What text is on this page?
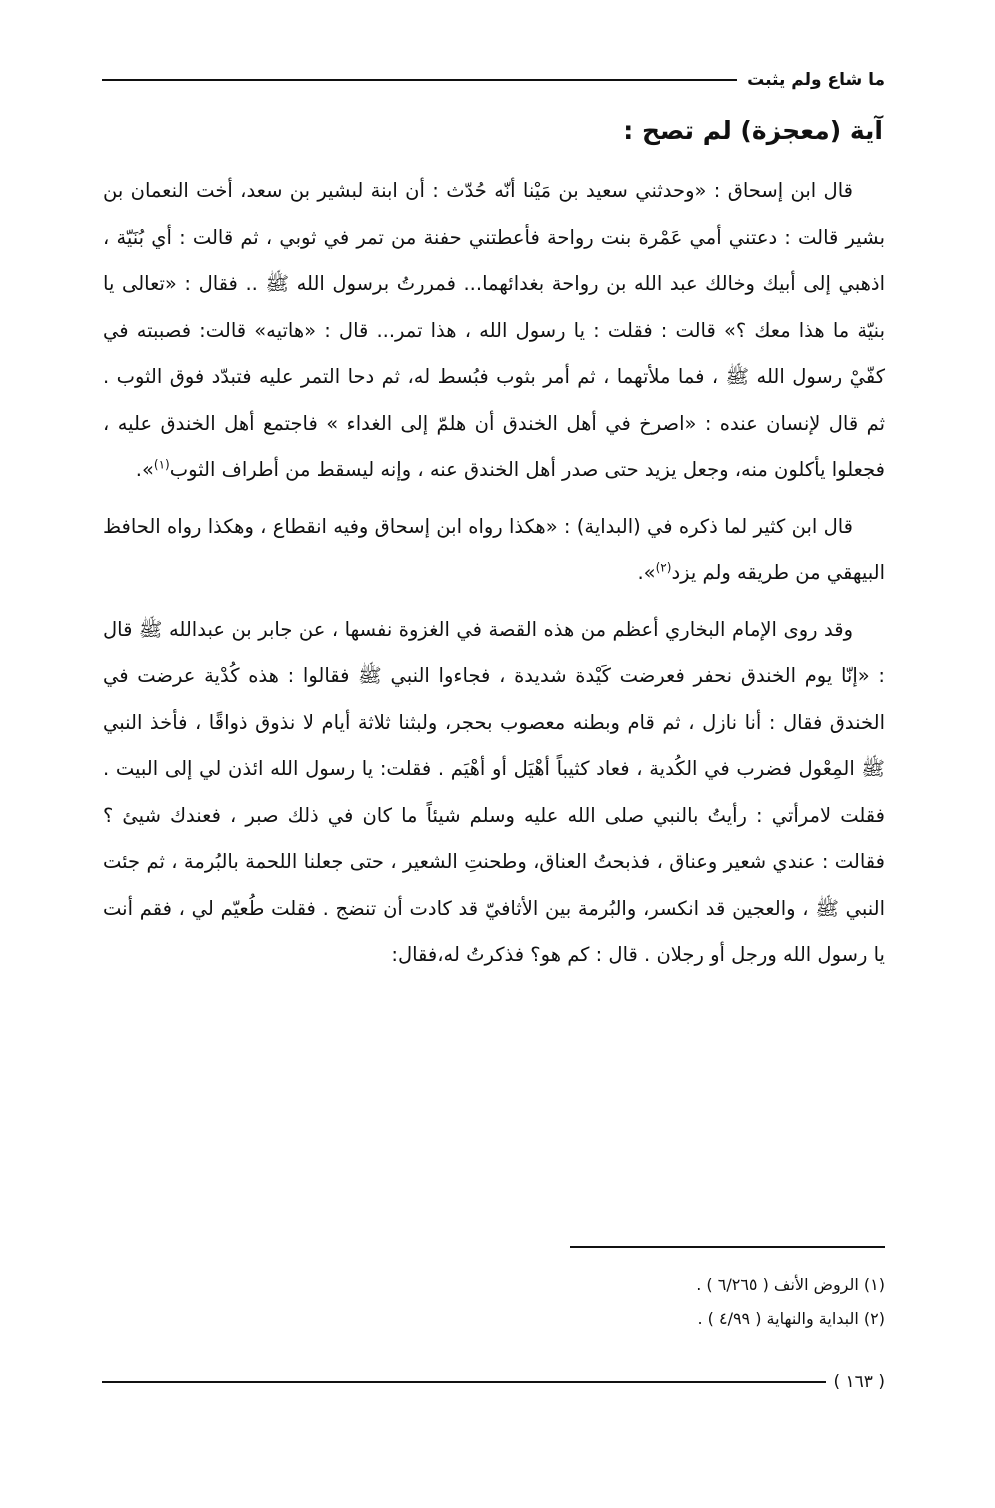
ما شاع ولم يثبت
آية (معجزة) لم تصح :

قال ابن إسحاق : «وحدثني سعيد بن مَيْنا أنّه حُدّث : أن ابنة لبشير بن سعد، أخت النعمان بن بشير قالت : دعتني أمي عَمْرة بنت رواحة فأعطتني حفنة من تمر في ثوبي ، ثم قالت : أي بُنَيّة ، اذهبي إلى أبيك وخالك عبد الله بن رواحة بغدائهما... فمررتُ برسول الله ﷺ .. فقال : «تعالى يا بنيّة ما هذا معك ؟» قالت : فقلت : يا رسول الله ، هذا تمر... قال : «هاتيه» قالت: فصببته في كفّيْ رسول الله ﷺ ، فما ملأتهما ، ثم أمر بثوب فبُسط له، ثم دحا التمر عليه فتبدّد فوق الثوب . ثم قال لإنسان عنده : «اصرخ في أهل الخندق أن هلمّ إلى الغداء » فاجتمع أهل الخندق عليه ، فجعلوا يأكلون منه، وجعل يزيد حتى صدر أهل الخندق عنه ، وإنه ليسقط من أطراف الثوب$^{(١)}$».

قال ابن كثير لما ذكره في (البداية) : «هكذا رواه ابن إسحاق وفيه انقطاع ، وهكذا رواه الحافظ البيهقي من طريقه ولم يزد$^{(٢)}$».

وقد روى الإمام البخاري أعظم من هذه القصة في الغزوة نفسها ، عن جابر بن عبدالله ﷺ قال : «إنّا يوم الخندق نحفر فعرضت كَيْدة شديدة ، فجاءوا النبي ﷺ فقالوا : هذه كُدْية عرضت في الخندق فقال : أنا نازل ، ثم قام وبطنه معصوب بحجر، ولبثنا ثلاثة أيام لا نذوق ذواقًا ، فأخذ النبي ﷺ المِعْول فضرب في الكُدية ، فعاد كثيباً أهْيَل أو أهْيَم . فقلت: يا رسول الله ائذن لي إلى البيت . فقلت لامرأتي : رأيتُ بالنبي صلى الله عليه وسلم شيئاً ما كان في ذلك صبر ، فعندك شيئ ؟ فقالت : عندي شعير وعناق ، فذبحتُ العناق، وطحنتِ الشعير ، حتى جعلنا اللحمة بالبُرمة ، ثم جئت النبي ﷺ ، والعجين قد انكسر، والبُرمة بين الأثافيّ قد كادت أن تنضج . فقلت طُعيّم لي ، فقم أنت يا رسول الله ورجل أو رجلان . قال : كم هو؟ فذكرتُ له،فقال:

(١) الروض الأنف ( ٦/٢٦٥ ) .

(٢) البداية والنهاية ( ٤/٩٩ ) .

( ١٦٣ )
